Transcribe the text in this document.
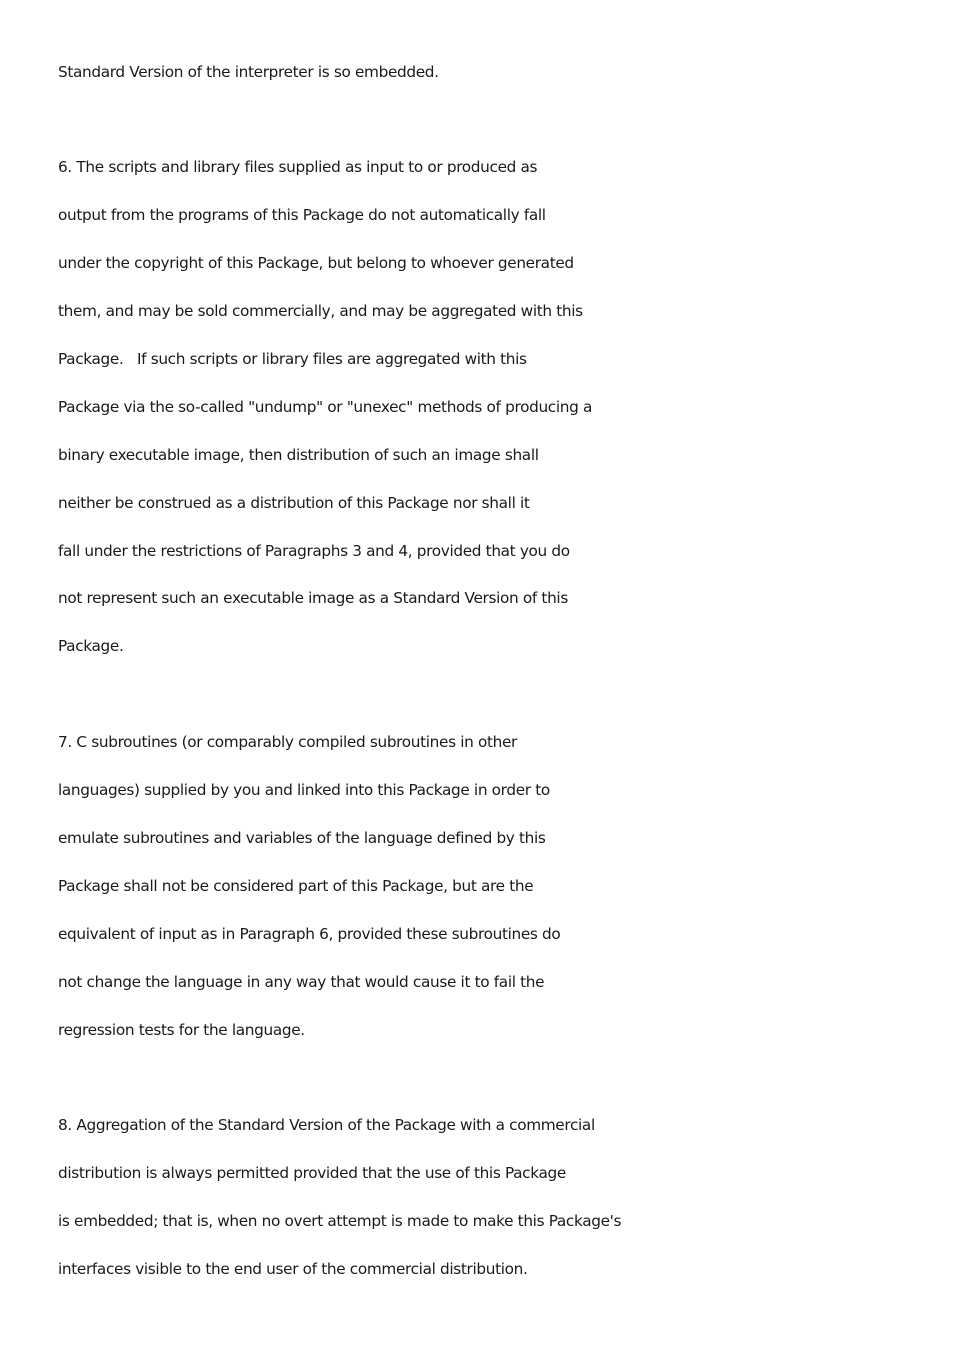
Standard Version of the interpreter is so embedded.

6. The scripts and library files supplied as input to or produced as

output from the programs of this Package do not automatically fall

under the copyright of this Package, but belong to whoever generated

them, and may be sold commercially, and may be aggregated with this

Package.   If such scripts or library files are aggregated with this

Package via the so-called "undump" or "unexec" methods of producing a

binary executable image, then distribution of such an image shall

neither be construed as a distribution of this Package nor shall it

fall under the restrictions of Paragraphs 3 and 4, provided that you do

not represent such an executable image as a Standard Version of this

Package.

7. C subroutines (or comparably compiled subroutines in other

languages) supplied by you and linked into this Package in order to

emulate subroutines and variables of the language defined by this

Package shall not be considered part of this Package, but are the

equivalent of input as in Paragraph 6, provided these subroutines do

not change the language in any way that would cause it to fail the

regression tests for the language.

8. Aggregation of the Standard Version of the Package with a commercial

distribution is always permitted provided that the use of this Package

is embedded; that is, when no overt attempt is made to make this Package's

interfaces visible to the end user of the commercial distribution.
